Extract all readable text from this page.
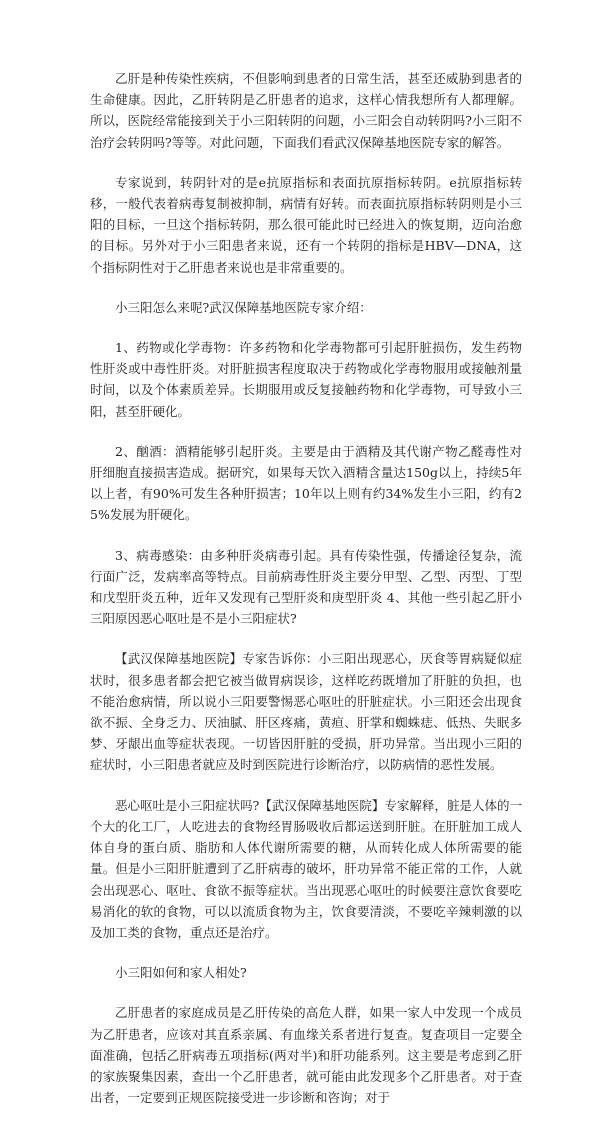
乙肝是种传染性疾病，不但影响到患者的日常生活，甚至还威胁到患者的生命健康。因此，乙肝转阴是乙肝患者的追求，这样心情我想所有人都理解。所以，医院经常能接到关于小三阳转阴的问题，小三阳会自动转阴吗?小三阳不治疗会转阴吗?等等。对此问题，下面我们看武汉保障基地医院专家的解答。

专家说到，转阴针对的是e抗原指标和表面抗原指标转阴。e抗原指标转移，一般代表着病毒复制被抑制，病情有好转。而表面抗原指标转阴则是小三阳的目标，一旦这个指标转阴，那么很可能此时已经进入的恢复期，迈向治愈的目标。另外对于小三阳患者来说，还有一个转阴的指标是HBV—DNA，这个指标阴性对于乙肝患者来说也是非常重要的。

小三阳怎么来呢?武汉保障基地医院专家介绍：

1、药物或化学毒物：许多药物和化学毒物都可引起肝脏损伤，发生药物性肝炎或中毒性肝炎。对肝脏损害程度取决于药物或化学毒物服用或接触剂量时间，以及个体素质差异。长期服用或反复接触药物和化学毒物，可导致小三阳，甚至肝硬化。

2、酗酒：酒精能够引起肝炎。主要是由于酒精及其代谢产物乙醛毒性对肝细胞直接损害造成。据研究，如果每天饮入酒精含量达150g以上，持续5年以上者，有90%可发生各种肝损害；10年以上则有约34%发生小三阳，约有25%发展为肝硬化。

3、病毒感染：由多种肝炎病毒引起。具有传染性强，传播途径复杂，流行面广泛，发病率高等特点。目前病毒性肝炎主要分甲型、乙型、丙型、丁型和戊型肝炎五种，近年又发现有己型肝炎和庚型肝炎 4、其他一些引起乙肝小三阳原因恶心呕吐是不是小三阳症状?

【武汉保障基地医院】专家告诉你：小三阳出现恶心，厌食等胃病疑似症状时，很多患者都会把它被当做胃病误诊，这样吃药既增加了肝脏的负担，也不能治愈病情，所以说小三阳要警惕恶心呕吐的肝脏症状。小三阳还会出现食欲不振、全身乏力、厌油腻、肝区疼痛，黄疸、肝掌和蜘蛛痣、低热、失眠多梦、牙龈出血等症状表现。一切皆因肝脏的受损，肝功异常。当出现小三阳的症状时，小三阳患者就应及时到医院进行诊断治疗，以防病情的恶性发展。

恶心呕吐是小三阳症状吗?【武汉保障基地医院】专家解释，脏是人体的一个大的化工厂，人吃进去的食物经胃肠吸收后都运送到肝脏。在肝脏加工成人体自身的蛋白质、脂肪和人体代谢所需要的糖，从而转化成人体所需要的能量。但是小三阳肝脏遭到了乙肝病毒的破坏，肝功异常不能正常的工作，人就会出现恶心、呕吐、食欲不振等症状。当出现恶心呕吐的时候要注意饮食要吃易消化的软的食物，可以以流质食物为主，饮食要清淡，不要吃辛辣刺激的以及加工类的食物，重点还是治疗。

小三阳如何和家人相处?

乙肝患者的家庭成员是乙肝传染的高危人群，如果一家人中发现一个成员为乙肝患者，应该对其直系亲属、有血缘关系者进行复查。复查项目一定要全面准确，包括乙肝病毒五项指标(两对半)和肝功能系列。这主要是考虑到乙肝的家族聚集因素，查出一个乙肝患者，就可能由此发现多个乙肝患者。对于查出者，一定要到正规医院接受进一步诊断和咨询；对于
